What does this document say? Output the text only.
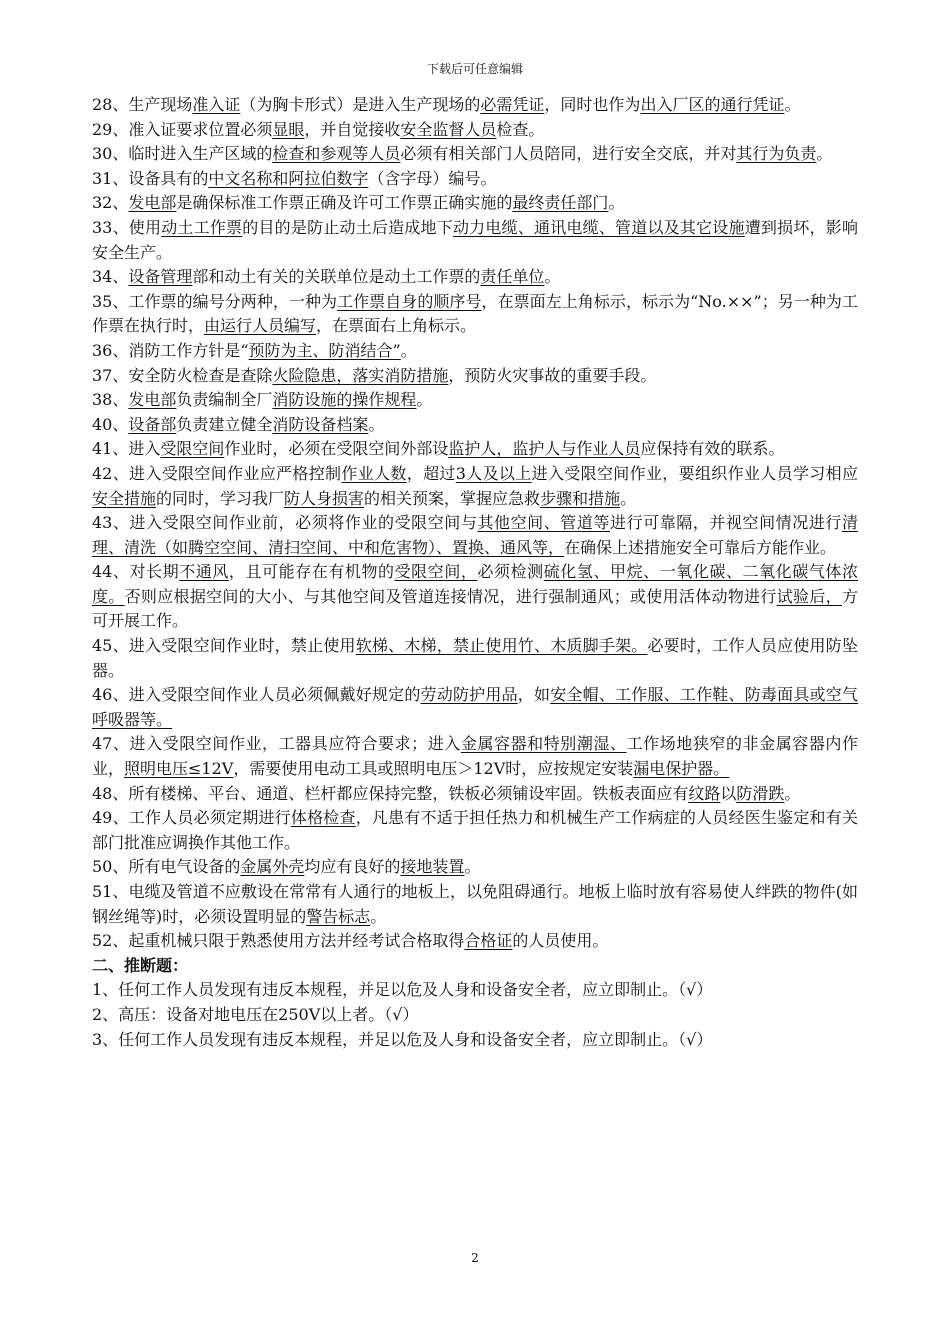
下载后可任意编辑

28、生产现场准入证（为胸卡形式）是进入生产现场的必需凭证，同时也作为出入厂区的通行凭证。

29、准入证要求位置必须显眼，并自觉接收安全监督人员检查。

30、临时进入生产区域的检查和参观等人员必须有相关部门人员陪同，进行安全交底，并对其行为负责。

31、设备具有的中文名称和阿拉伯数字（含字母）编号。

32、发电部是确保标准工作票正确及许可工作票正确实施的最终责任部门。

33、使用动土工作票的目的是防止动土后造成地下动力电缆、通讯电缆、管道以及其它设施遭到损坏，影响安全生产。

34、设备管理部和动土有关的关联单位是动土工作票的责任单位。

35、工作票的编号分两种，一种为工作票自身的顺序号，在票面左上角标示，标示为“No.××”；另一种为工作票在执行时，由运行人员编写，在票面右上角标示。

36、消防工作方针是“预防为主、防消结合”。

37、安全防火检查是查除火险隐患，落实消防措施，预防火灾事故的重要手段。

38、发电部负责编制全厂消防设施的操作规程。

40、设备部负责建立健全消防设备档案。

41、进入受限空间作业时，必须在受限空间外部设监护人，监护人与作业人员应保持有效的联系。

42、进入受限空间作业应严格控制作业人数，超过3人及以上进入受限空间作业，要组织作业人员学习相应安全措施的同时，学习我厂防人身损害的相关预案，掌握应急救步骤和措施。

43、进入受限空间作业前，必须将作业的受限空间与其他空间、管道等进行可靠隔，并视空间情况进行清理、清洗（如腾空空间、清扫空间、中和危害物）、置换、通风等，在确保上述措施安全可靠后方能作业。

44、对长期不通风，且可能存在有机物的受限空间，必须检测硫化氢、甲烷、一氧化碳、二氧化碳气体浓度。否则应根据空间的大小、与其他空间及管道连接情况，进行强制通风；或使用活体动物进行试验后，方可开展工作。

45、进入受限空间作业时，禁止使用软梯、木梯，禁止使用竹、木质脚手架。必要时，工作人员应使用防坠器。

46、进入受限空间作业人员必须佩戴好规定的劳动防护用品，如安全帽、工作服、工作鞋、防毒面具或空气呼吸器等。

47、进入受限空间作业，工器具应符合要求；进入金属容器和特别潮湿、工作场地狭窄的非金属容器内作业，照明电压≤12V，需要使用电动工具或照明电压＞12V时，应按规定安装漏电保护器。

48、所有楼梯、平台、通道、栏杆都应保持完整，铁板必须铺设牢固。铁板表面应有纹路以防滑跌。

49、工作人员必须定期进行体格检查，凡患有不适于担任热力和机械生产工作病症的人员经医生鉴定和有关部门批准应调换作其他工作。

50、所有电气设备的金属外壳均应有良好的接地装置。

51、电缆及管道不应敷设在常常有人通行的地板上，以免阻碍通行。地板上临时放有容易使人绊跌的物件(如钢丝绳等)时，必须设置明显的警告标志。

52、起重机械只限于熟悉使用方法并经考试合格取得合格证的人员使用。

二、推断题：

1、任何工作人员发现有违反本规程，并足以危及人身和设备安全者，应立即制止。（√）

2、高压：设备对地电压在250V以上者。（√）

3、任何工作人员发现有违反本规程，并足以危及人身和设备安全者，应立即制止。（√）

2
